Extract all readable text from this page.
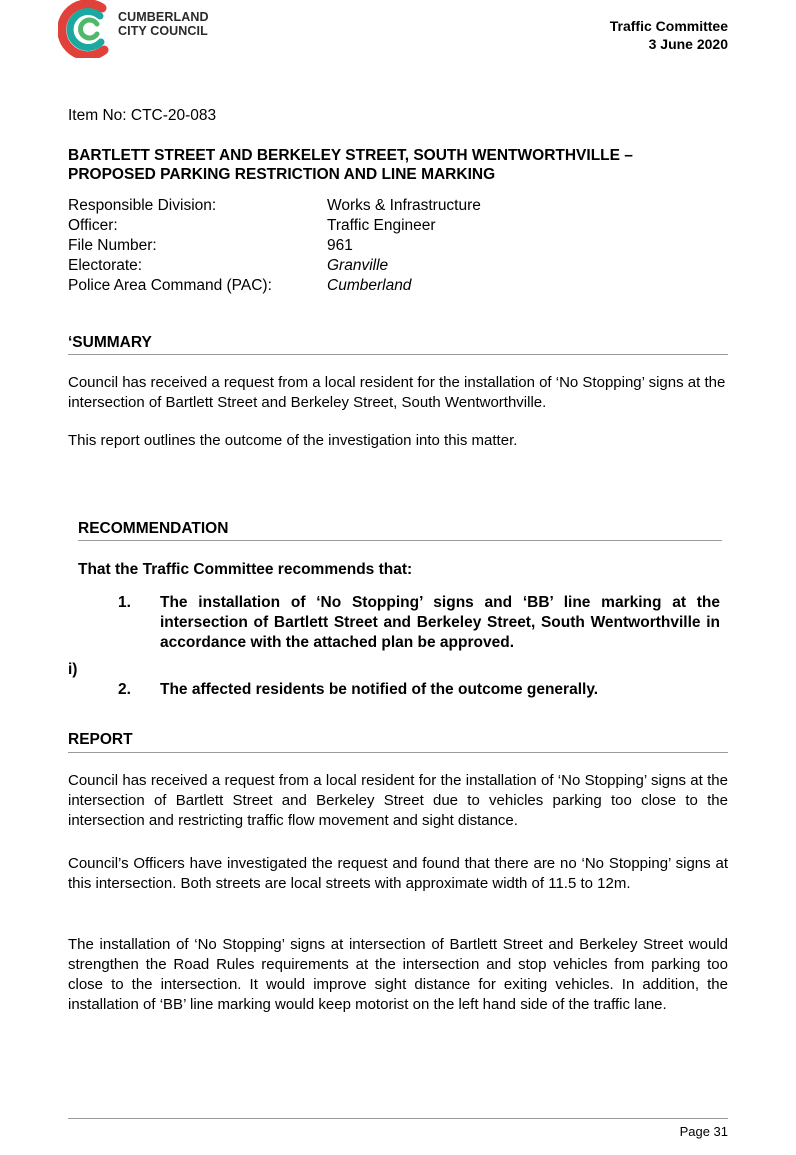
CUMBERLAND
CITY COUNCIL	Traffic Committee
3 June 2020
Item No: CTC-20-083
BARTLETT STREET AND BERKELEY STREET, SOUTH WENTWORTHVILLE –
PROPOSED PARKING RESTRICTION AND LINE MARKING
Responsible Division:	Works & Infrastructure
Officer:	Traffic Engineer
File Number:	961
Electorate:	Granville
Police Area Command (PAC):	Cumberland
‘SUMMARY
Council has received a request from a local resident for the installation of ‘No Stopping’ signs at the intersection of Bartlett Street and Berkeley Street, South Wentworthville.
This report outlines the outcome of the investigation into this matter.
RECOMMENDATION
That the Traffic Committee recommends that:
1. The installation of ‘No Stopping’ signs and ‘BB’ line marking at the intersection of Bartlett Street and Berkeley Street, South Wentworthville in accordance with the attached plan be approved.
2. The affected residents be notified of the outcome generally.
i)
REPORT
Council has received a request from a local resident for the installation of ‘No Stopping’ signs at the intersection of Bartlett Street and Berkeley Street due to vehicles parking too close to the intersection and restricting traffic flow movement and sight distance.
Council’s Officers have investigated the request and found that there are no ‘No Stopping’ signs at this intersection. Both streets are local streets with approximate width of 11.5 to 12m.
The installation of ‘No Stopping’ signs at intersection of Bartlett Street and Berkeley Street would strengthen the Road Rules requirements at the intersection and stop vehicles from parking too close to the intersection. It would improve sight distance for exiting vehicles. In addition, the installation of ‘BB’ line marking would keep motorist on the left hand side of the traffic lane.
Page 31
